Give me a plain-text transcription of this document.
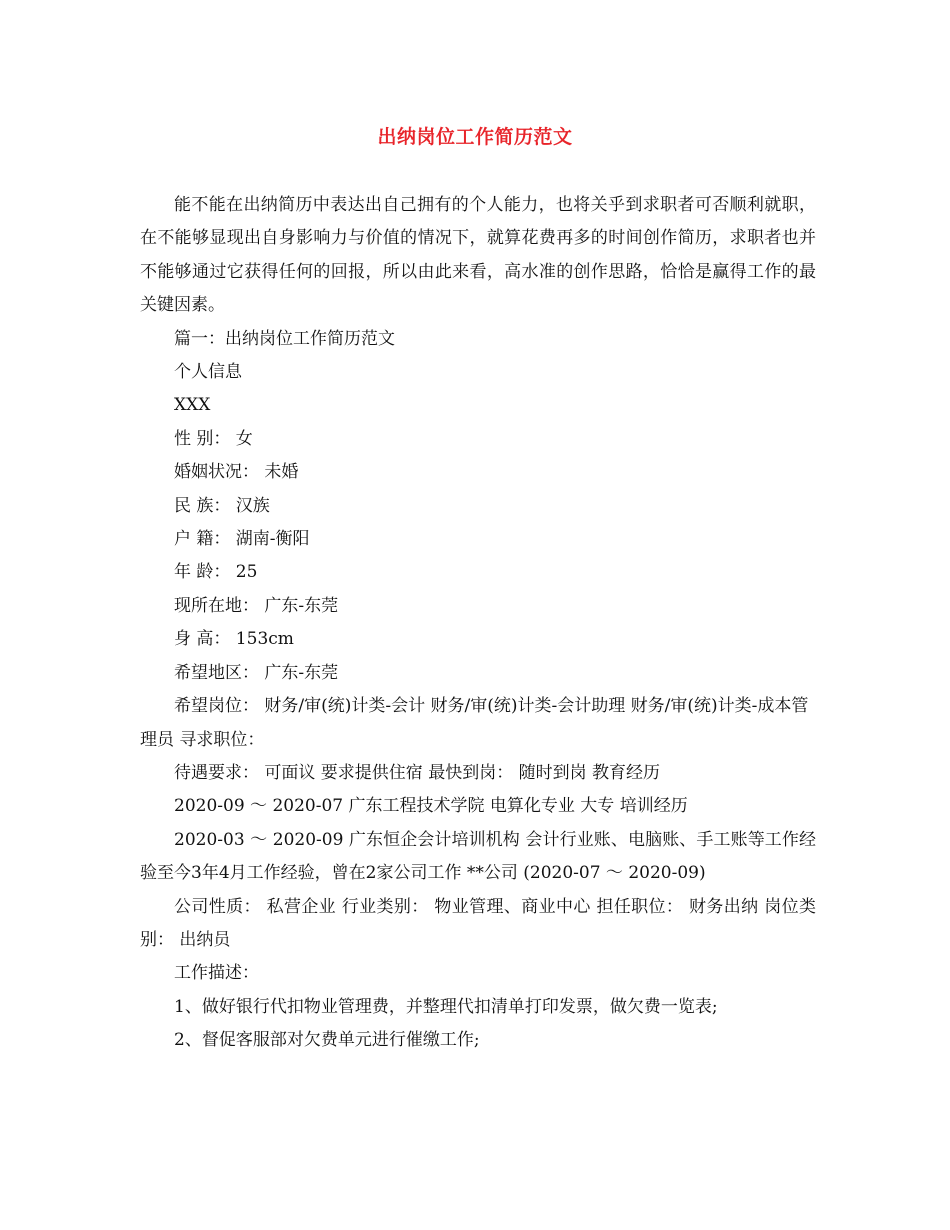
出纳岗位工作简历范文

能不能在出纳简历中表达出自己拥有的个人能力，也将关乎到求职者可否顺利就职，在不能够显现出自身影响力与价值的情况下，就算花费再多的时间创作简历，求职者也并不能够通过它获得任何的回报，所以由此来看，高水准的创作思路，恰恰是赢得工作的最关键因素。

篇一：出纳岗位工作简历范文

个人信息

XXX

性 别： 女

婚姻状况： 未婚

民 族： 汉族

户 籍： 湖南-衡阳

年 龄： 25

现所在地： 广东-东莞

身 高： 153cm

希望地区： 广东-东莞

希望岗位： 财务/审(统)计类-会计 财务/审(统)计类-会计助理 财务/审(统)计类-成本管理员 寻求职位：

待遇要求： 可面议 要求提供住宿 最快到岗： 随时到岗 教育经历

2020-09 ～ 2020-07 广东工程技术学院 电算化专业 大专 培训经历

2020-03 ～ 2020-09 广东恒企会计培训机构 会计行业账、电脑账、手工账等工作经验至今3年4月工作经验，曾在2家公司工作 **公司 (2020-07 ～ 2020-09)

公司性质： 私营企业 行业类别： 物业管理、商业中心 担任职位： 财务出纳 岗位类别： 出纳员

工作描述：

1、做好银行代扣物业管理费，并整理代扣清单打印发票，做欠费一览表;

2、督促客服部对欠费单元进行催缴工作;
